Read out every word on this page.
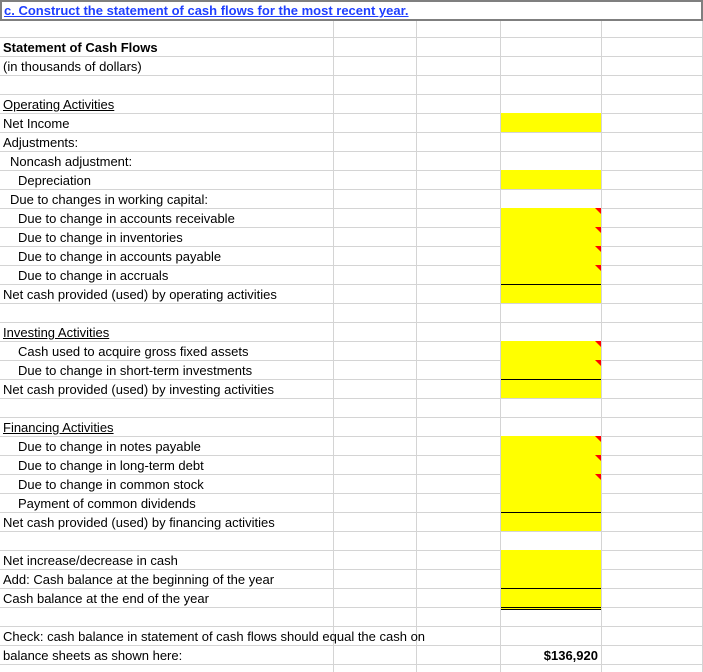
c. Construct the statement of cash flows for the most recent year.
Statement of Cash Flows
(in thousands of dollars)
Operating Activities
Net Income
Adjustments:
Noncash adjustment:
Depreciation
Due to changes in working capital:
Due to change in accounts receivable
Due to change in inventories
Due to change in accounts payable
Due to change in accruals
Net cash provided (used) by operating activities
Investing Activities
Cash used to acquire gross fixed assets
Due to change in short-term investments
Net cash provided (used) by investing activities
Financing Activities
Due to change in notes payable
Due to change in long-term debt
Due to change in common stock
Payment of common dividends
Net cash provided (used) by financing activities
Net increase/decrease in cash
Add: Cash balance at the beginning of the year
Cash balance at the end of the year
Check: cash balance in statement of cash flows should equal the cash on
balance sheets as shown here:	$136,920
